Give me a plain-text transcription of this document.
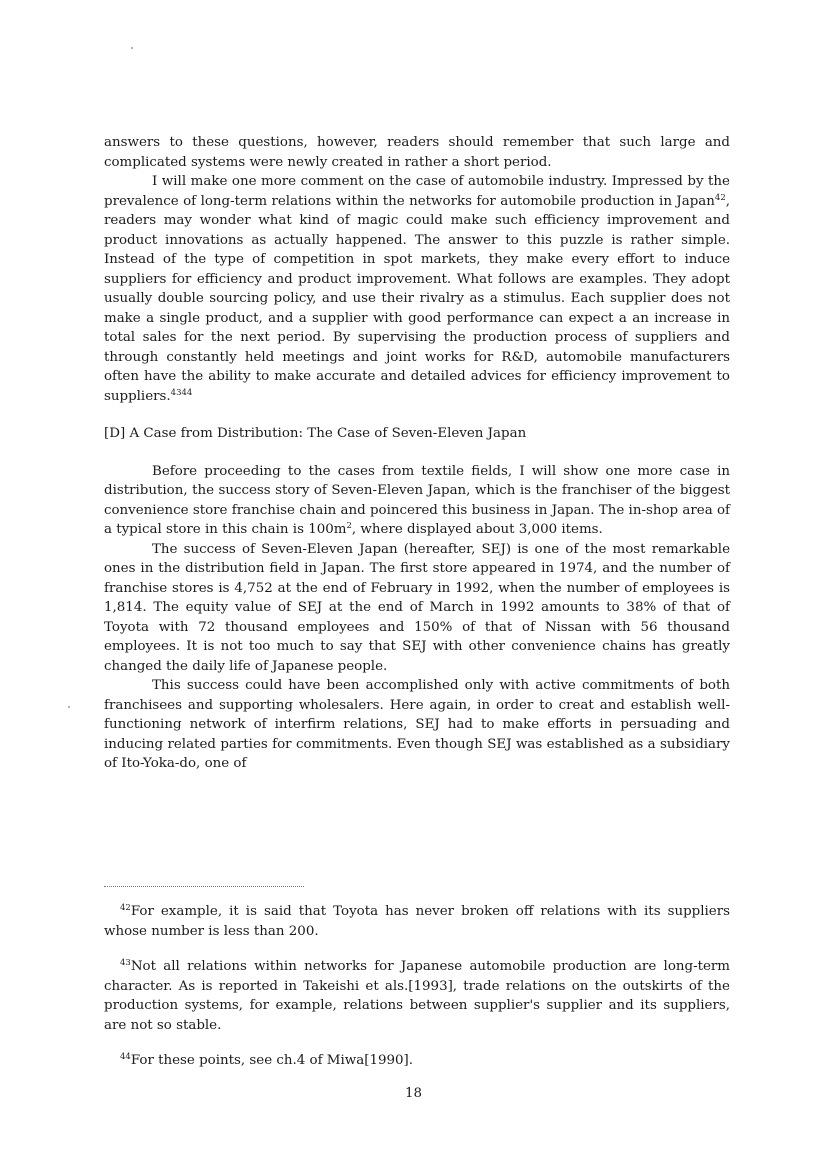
answers to these questions, however, readers should remember that such large and complicated systems were newly created in rather a short period.

I will make one more comment on the case of automobile industry. Impressed by the prevalence of long-term relations within the networks for automobile production in Japan$^{42}$, readers may wonder what kind of magic could make such efficiency improvement and product innovations as actually happened. The answer to this puzzle is rather simple. Instead of the type of competition in spot markets, they make every effort to induce suppliers for efficiency and product improvement. What follows are examples. They adopt usually double sourcing policy, and use their rivalry as a stimulus. Each supplier does not make a single product, and a supplier with good performance can expect a an increase in total sales for the next period. By supervising the production process of suppliers and through constantly held meetings and joint works for R&D, automobile manufacturers often have the ability to make accurate and detailed advices for efficiency improvement to suppliers.$^{4344}$

[D] A Case from Distribution: The Case of Seven-Eleven Japan

Before proceeding to the cases from textile fields, I will show one more case in distribution, the success story of Seven-Eleven Japan, which is the franchiser of the biggest convenience store franchise chain and poincered this business in Japan. The in-shop area of a typical store in this chain is $100m^2$, where displayed about 3,000 items.

The success of Seven-Eleven Japan (hereafter, SEJ) is one of the most remarkable ones in the distribution field in Japan. The first store appeared in 1974, and the number of franchise stores is 4,752 at the end of February in 1992, when the number of employees is 1,814. The equity value of SEJ at the end of March in 1992 amounts to 38% of that of Toyota with 72 thousand employees and 150% of that of Nissan with 56 thousand employees. It is not too much to say that SEJ with other convenience chains has greatly changed the daily life of Japanese people.

This success could have been accomplished only with active commitments of both franchisees and supporting wholesalers. Here again, in order to creat and establish well-functioning network of interfirm relations, SEJ had to make efforts in persuading and inducing related parties for commitments. Even though SEJ was established as a subsidiary of Ito-Yoka-do, one of

$^{42}$For example, it is said that Toyota has never broken off relations with its suppliers whose number is less than 200.

$^{43}$Not all relations within networks for Japanese automobile production are long-term character. As is reported in Takeishi et als.[1993], trade relations on the outskirts of the production systems, for example, relations between supplier's supplier and its suppliers, are not so stable.

$^{44}$For these points, see ch.4 of Miwa[1990].

18
